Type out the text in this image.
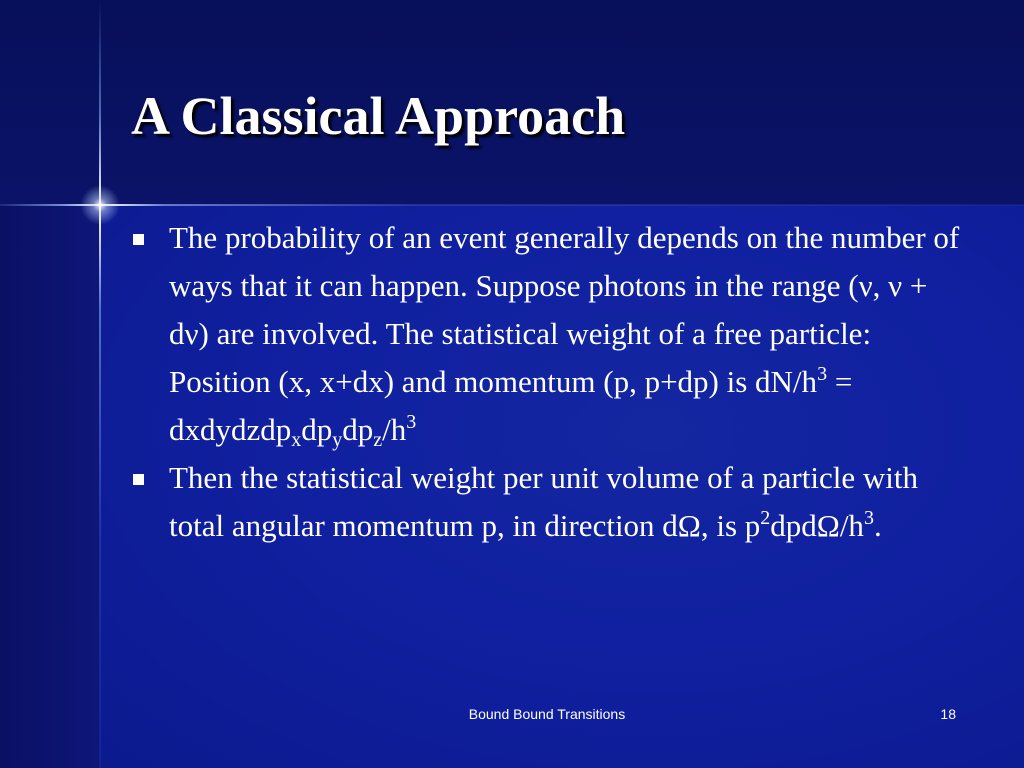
A Classical Approach
The probability of an event generally depends on the number of ways that it can happen. Suppose photons in the range (ν, ν + dν) are involved. The statistical weight of a free particle: Position (x, x+dx) and momentum (p, p+dp) is $dN/h^3$ = $dxdydzdp_xdp_ydp_z/h^3$
Then the statistical weight per unit volume of a particle with total angular momentum p, in direction dΩ, is $p^2dpd\Omega/h^3$.
Bound Bound Transitions	18
